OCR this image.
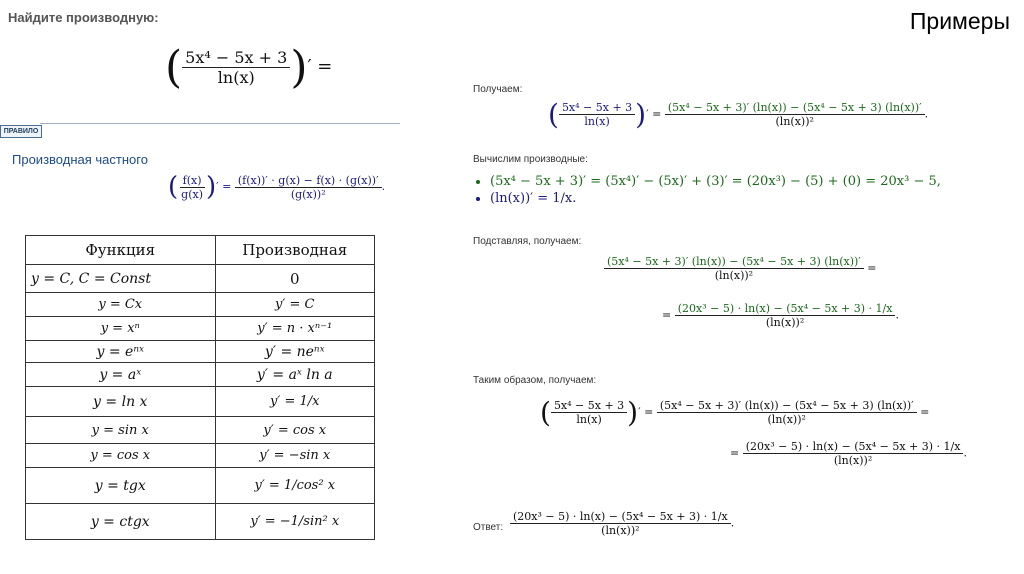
Примеры
Найдите производную:
( $\frac{\text{5x⁴ − 5x + 3}}{\ln(x)}$ )′ =
ПРАВИЛО
Производная частного
( $\frac{f(x)}{g(x)}$ )′ = $\frac{(f(x))' \cdot g(x) - f(x) \cdot (g(x))'}{\text{(g(x))²}}$ .
Функция	Производная
y = C, C = Const	0
y = Cx	y′ = C
y = xⁿ	y′ = n · xⁿ⁻¹
y = eⁿˣ	y′ = neⁿˣ
y = aˣ	y′ = aˣ ln a
y = ln x	y′ = 1/x
y = sin x	y′ = cos x
y = cos x	y′ = −sin x
y = tgx	y′ = 1/cos² x
y = ctgx	y′ = −1/sin² x
Получаем:
( $\frac{\text{5x⁴ − 5x + 3}}{\ln(x)}$ )′ = $\frac{\text{(5x⁴ − 5x + 3)′ (ln(x)) − (5x⁴ − 5x + 3) (ln(x))′}}{\text{(ln(x))²}}$ .
Вычислим производные:
• (5x⁴ − 5x + 3)′ = (5x⁴)′ − (5x)′ + (3)′ = (20x³) − (5) + (0) = 20x³ − 5,
• (ln(x))′ = 1/x.
Подставляя, получаем:
$\frac{\text{(5x⁴ − 5x + 3)′ (ln(x)) − (5x⁴ − 5x + 3) (ln(x))′}}{\text{(ln(x))²}}$ =
= $\frac{\text{(20x³ − 5) · ln(x) − (5x⁴ − 5x + 3) · 1/x}}{\text{(ln(x))²}}$ .
Таким образом, получаем:
( $\frac{\text{5x⁴ − 5x + 3}}{\ln(x)}$ )′ = $\frac{\text{(5x⁴ − 5x + 3)′ (ln(x)) − (5x⁴ − 5x + 3) (ln(x))′}}{\text{(ln(x))²}}$ =
= $\frac{\text{(20x³ − 5) · ln(x) − (5x⁴ − 5x + 3) · 1/x}}{\text{(ln(x))²}}$ .
Ответ: $\frac{\text{(20x³ − 5) · ln(x) − (5x⁴ − 5x + 3) · 1/x}}{\text{(ln(x))²}}$ .
